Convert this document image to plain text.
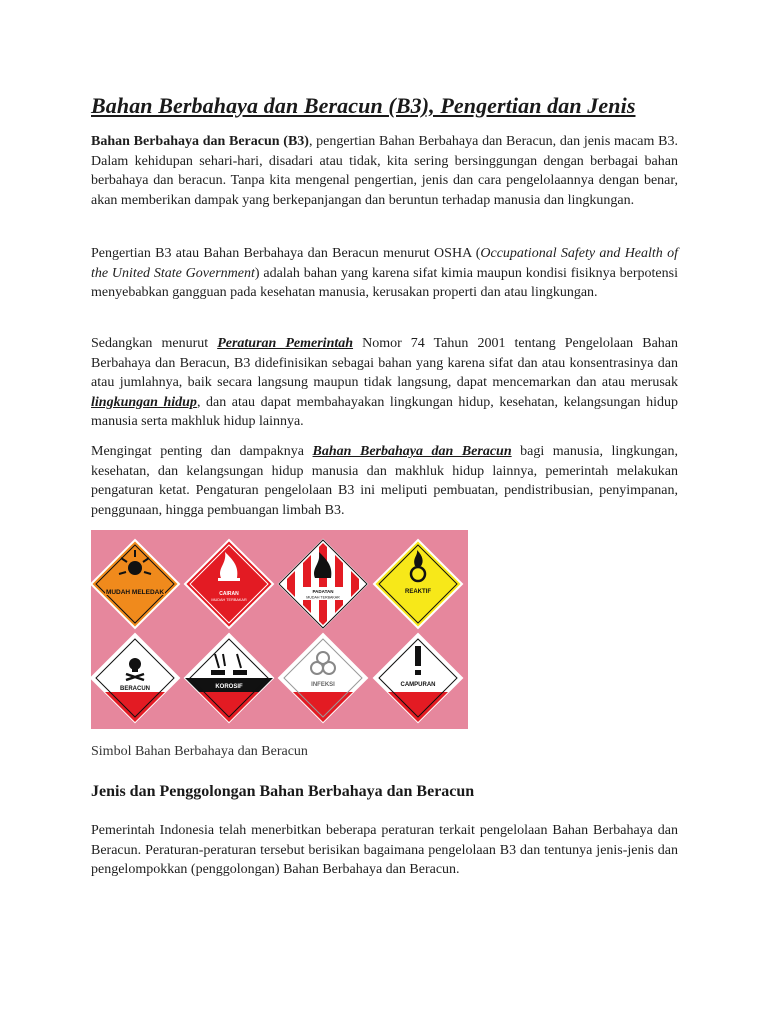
Bahan Berbahaya dan Beracun (B3), Pengertian dan Jenis

Bahan Berbahaya dan Beracun (B3), pengertian Bahan Berbahaya dan Beracun, dan jenis macam B3. Dalam kehidupan sehari-hari, disadari atau tidak, kita sering bersinggungan dengan berbagai bahan berbahaya dan beracun. Tanpa kita mengenal pengertian, jenis dan cara pengelolaannya dengan benar, akan memberikan dampak yang berkepanjangan dan beruntun terhadap manusia dan lingkungan.

Pengertian B3 atau Bahan Berbahaya dan Beracun menurut OSHA (Occupational Safety and Health of the United State Government) adalah bahan yang karena sifat kimia maupun kondisi fisiknya berpotensi menyebabkan gangguan pada kesehatan manusia, kerusakan properti dan atau lingkungan.

Sedangkan menurut Peraturan Pemerintah Nomor 74 Tahun 2001 tentang Pengelolaan Bahan Berbahaya dan Beracun, B3 didefinisikan sebagai bahan yang karena sifat dan atau konsentrasinya dan atau jumlahnya, baik secara langsung maupun tidak langsung, dapat mencemarkan dan atau merusak lingkungan hidup, dan atau dapat membahayakan lingkungan hidup, kesehatan, kelangsungan hidup manusia serta makhluk hidup lainnya.

Mengingat penting dan dampaknya Bahan Berbahaya dan Beracun bagi manusia, lingkungan, kesehatan, dan kelangsungan hidup manusia dan makhluk hidup lainnya, pemerintah melakukan pengaturan ketat. Pengaturan pengelolaan B3 ini meliputi pembuatan, pendistribusian, penyimpanan, penggunaan, hingga pembuangan limbah B3.

MUDAH MELEDAK	CAIRAN
MUDAH TERBAKAR
PADATAN
MUDAH TERBAKAR
REAKTIF
BERACUN	KOROSIF	INFEKSI	CAMPURAN
Simbol Bahan Berbahaya dan Beracun
Jenis dan Penggolongan Bahan Berbahaya dan Beracun

Pemerintah Indonesia telah menerbitkan beberapa peraturan terkait pengelolaan Bahan Berbahaya dan Beracun. Peraturan-peraturan tersebut berisikan bagaimana pengelolaan B3 dan tentunya jenis-jenis dan pengelompokkan (penggolongan) Bahan Berbahaya dan Beracun.
